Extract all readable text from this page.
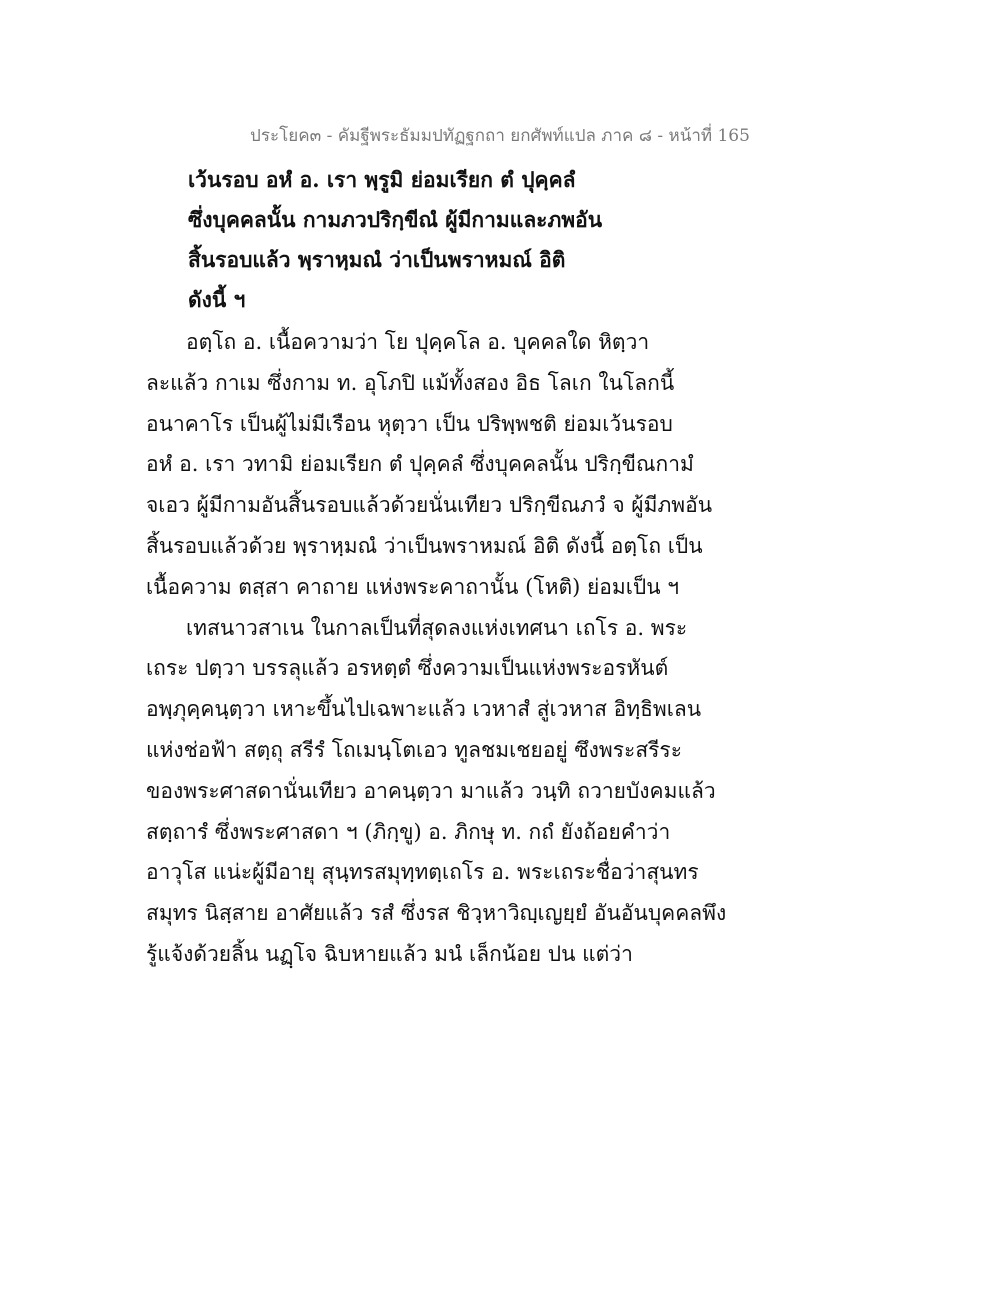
ประโยค๓ - คัมฐีพระธัมมปทัฏฐกถา ยกศัพท์แปล ภาค ๘ - หน้าที่ 165
เว้นรอบ อหํ อ. เรา พฺรูมิ ย่อมเรียก ตํ ปุคฺคลํ
ซึ่งบุคคลนั้น กามภวปริกฺขีณํ ผู้มีกามและภพอัน
สิ้นรอบแล้ว พฺราหฺมณํ ว่าเป็นพราหมณ์ อิติ
ดังนี้ ฯ
อตฺโถ อ. เนื้อความว่า โย ปุคฺคโล อ. บุคคลใด หิตฺวา
ละแล้ว กาเม ซึ่งกาม ท. อุโภปิ แม้ทั้งสอง อิธ โลเก ในโลกนี้
อนาคาโร เป็นผู้ไม่มีเรือน หุตฺวา เป็น ปริพฺพชติ ย่อมเว้นรอบ
อหํ อ. เรา วทามิ ย่อมเรียก ตํ ปุคฺคลํ ซึ่งบุคคลนั้น ปริกฺขีณกามํ
จเอว ผู้มีกามอันสิ้นรอบแล้วด้วยนั่นเทียว ปริกฺขีณภวํ จ ผู้มีภพอัน
สิ้นรอบแล้วด้วย พฺราหฺมณํ ว่าเป็นพราหมณ์ อิติ ดังนี้ อตฺโถ เป็น
เนื้อความ ตสฺสา คาถาย แห่งพระคาถานั้น (โหติ) ย่อมเป็น ฯ
เทสนาวสาเน ในกาลเป็นที่สุดลงแห่งเทศนา เถโร อ. พระ
เถระ ปตฺวา บรรลุแล้ว อรหตฺตํ ซึ่งความเป็นแห่งพระอรหันต์
อพฺภุคฺคนฺตฺวา เหาะขึ้นไปเฉพาะแล้ว เวหาสํ สู่เวหาส อิทฺธิพเลน
แห่งช่อฟ้า สตฺถุ สรีรํ โถเมนฺโตเอว ทูลชมเชยอยู่ ซึงพระสรีระ
ของพระศาสดานั่นเทียว อาคนฺตฺวา มาแล้ว วนฺทิ ถวายบังคมแล้ว
สตฺถารํ ซึ่งพระศาสดา ฯ (ภิกฺขู) อ. ภิกษุ ท. กถํ ยังถ้อยคำว่า
อาวุโส แน่ะผู้มีอายุ สุนฺทรสมุทฺทตฺเถโร อ. พระเถระชื่อว่าสุนทร
สมุทร นิสฺสาย อาศัยแล้ว รสํ ซึ่งรส ชิวฺหาวิญฺเญยฺยํ อันอันบุคคลพึง
รู้แจ้งด้วยลิ้น นฏฺโจ ฉิบหายแล้ว มนํ เล็กน้อย ปน แต่ว่า
